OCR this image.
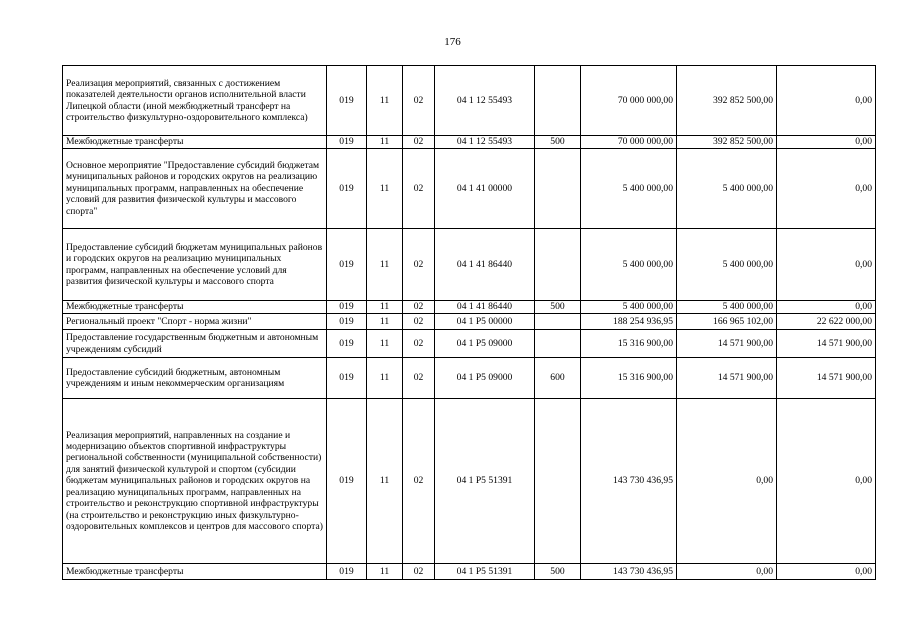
176
Реализация мероприятий, связанных с достижением показателей деятельности органов исполнительной власти Липецкой области (иной межбюджетный трансферт на строительство физкультурно-оздоровительного комплекса)	019	11	02	04 1 12 55493		70 000 000,00	392 852 500,00	0,00
Межбюджетные трансферты	019	11	02	04 1 12 55493	500	70 000 000,00	392 852 500,00	0,00
Основное мероприятие "Предоставление субсидий бюджетам муниципальных районов и городских округов на реализацию муниципальных программ, направленных на обеспечение условий для развития физической культуры и массового спорта"	019	11	02	04 1 41 00000		5 400 000,00	5 400 000,00	0,00
Предоставление субсидий бюджетам муниципальных районов и городских округов на реализацию муниципальных программ, направленных на обеспечение условий для развития физической культуры и массового спорта	019	11	02	04 1 41 86440		5 400 000,00	5 400 000,00	0,00
Межбюджетные трансферты	019	11	02	04 1 41 86440	500	5 400 000,00	5 400 000,00	0,00
Региональный проект "Спорт - норма жизни"	019	11	02	04 1 P5 00000		188 254 936,95	166 965 102,00	22 622 000,00
Предоставление государственным бюджетным и автономным учреждениям субсидий	019	11	02	04 1 P5 09000		15 316 900,00	14 571 900,00	14 571 900,00
Предоставление субсидий бюджетным, автономным учреждениям и иным некоммерческим организациям	019	11	02	04 1 P5 09000	600	15 316 900,00	14 571 900,00	14 571 900,00
Реализация мероприятий, направленных на создание и модернизацию объектов спортивной инфраструктуры региональной собственности (муниципальной собственности) для занятий физической культурой и спортом (субсидии бюджетам муниципальных районов и городских округов на реализацию муниципальных программ, направленных на строительство и реконструкцию спортивной инфраструктуры (на строительство и реконструкцию иных физкультурно-оздоровительных комплексов и центров для массового спорта)	019	11	02	04 1 P5 51391		143 730 436,95	0,00	0,00
Межбюджетные трансферты	019	11	02	04 1 P5 51391	500	143 730 436,95	0,00	0,00
